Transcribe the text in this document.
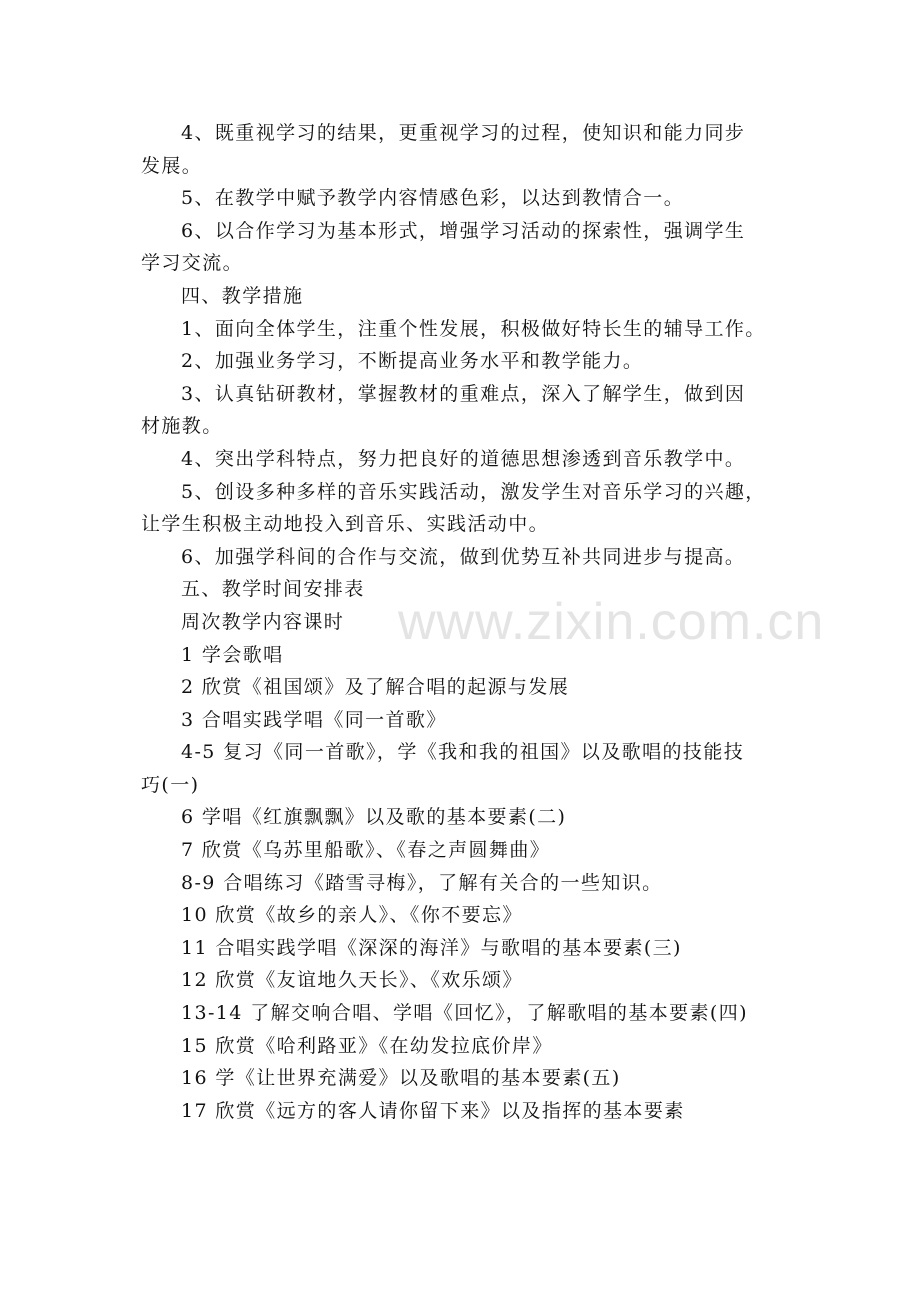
www.zixin.com.cn
4、既重视学习的结果，更重视学习的过程，使知识和能力同步
发展。
5、在教学中赋予教学内容情感色彩，以达到教情合一。
6、以合作学习为基本形式，增强学习活动的探索性，强调学生
学习交流。
四、教学措施
1、面向全体学生，注重个性发展，积极做好特长生的辅导工作。
2、加强业务学习，不断提高业务水平和教学能力。
3、认真钻研教材，掌握教材的重难点，深入了解学生，做到因
材施教。
4、突出学科特点，努力把良好的道德思想渗透到音乐教学中。
5、创设多种多样的音乐实践活动，激发学生对音乐学习的兴趣，
让学生积极主动地投入到音乐、实践活动中。
6、加强学科间的合作与交流，做到优势互补共同进步与提高。
五、教学时间安排表
周次教学内容课时
1 学会歌唱
2 欣赏《祖国颂》及了解合唱的起源与发展
3 合唱实践学唱《同一首歌》
4-5 复习《同一首歌》，学《我和我的祖国》以及歌唱的技能技
巧(一)
6 学唱《红旗飘飘》以及歌的基本要素(二)
7 欣赏《乌苏里船歌》、《春之声圆舞曲》
8-9 合唱练习《踏雪寻梅》，了解有关合的一些知识。
10 欣赏《故乡的亲人》、《你不要忘》
11 合唱实践学唱《深深的海洋》与歌唱的基本要素(三)
12 欣赏《友谊地久天长》、《欢乐颂》
13-14 了解交响合唱、学唱《回忆》，了解歌唱的基本要素(四)
15 欣赏《哈利路亚》《在幼发拉底价岸》
16 学《让世界充满爱》以及歌唱的基本要素(五)
17 欣赏《远方的客人请你留下来》以及指挥的基本要素
